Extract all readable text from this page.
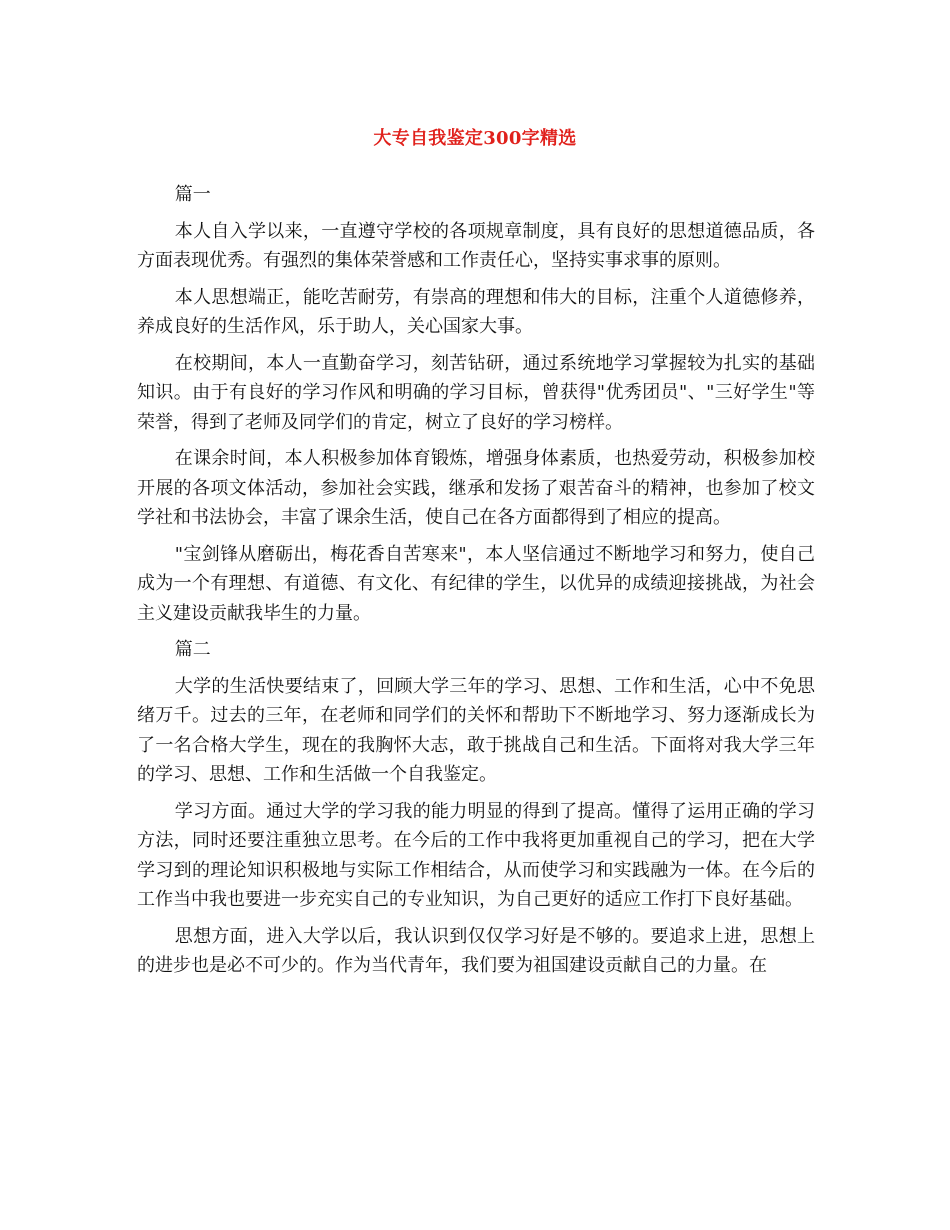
大专自我鉴定300字精选
篇一

本人自入学以来，一直遵守学校的各项规章制度，具有良好的思想道德品质，各方面表现优秀。有强烈的集体荣誉感和工作责任心，坚持实事求事的原则。

本人思想端正，能吃苦耐劳，有崇高的理想和伟大的目标，注重个人道德修养，养成良好的生活作风，乐于助人，关心国家大事。

在校期间，本人一直勤奋学习，刻苦钻研，通过系统地学习掌握较为扎实的基础知识。由于有良好的学习作风和明确的学习目标，曾获得"优秀团员"、"三好学生"等荣誉，得到了老师及同学们的肯定，树立了良好的学习榜样。

在课余时间，本人积极参加体育锻炼，增强身体素质，也热爱劳动，积极参加校开展的各项文体活动，参加社会实践，继承和发扬了艰苦奋斗的精神，也参加了校文学社和书法协会，丰富了课余生活，使自己在各方面都得到了相应的提高。

"宝剑锋从磨砺出，梅花香自苦寒来"，本人坚信通过不断地学习和努力，使自己成为一个有理想、有道德、有文化、有纪律的学生，以优异的成绩迎接挑战，为社会主义建设贡献我毕生的力量。

篇二

大学的生活快要结束了，回顾大学三年的学习、思想、工作和生活，心中不免思绪万千。过去的三年，在老师和同学们的关怀和帮助下不断地学习、努力逐渐成长为了一名合格大学生，现在的我胸怀大志，敢于挑战自己和生活。下面将对我大学三年的学习、思想、工作和生活做一个自我鉴定。

学习方面。通过大学的学习我的能力明显的得到了提高。懂得了运用正确的学习方法，同时还要注重独立思考。在今后的工作中我将更加重视自己的学习，把在大学学习到的理论知识积极地与实际工作相结合，从而使学习和实践融为一体。在今后的工作当中我也要进一步充实自己的专业知识，为自己更好的适应工作打下良好基础。

思想方面，进入大学以后，我认识到仅仅学习好是不够的。要追求上进，思想上的进步也是必不可少的。作为当代青年，我们要为祖国建设贡献自己的力量。在
